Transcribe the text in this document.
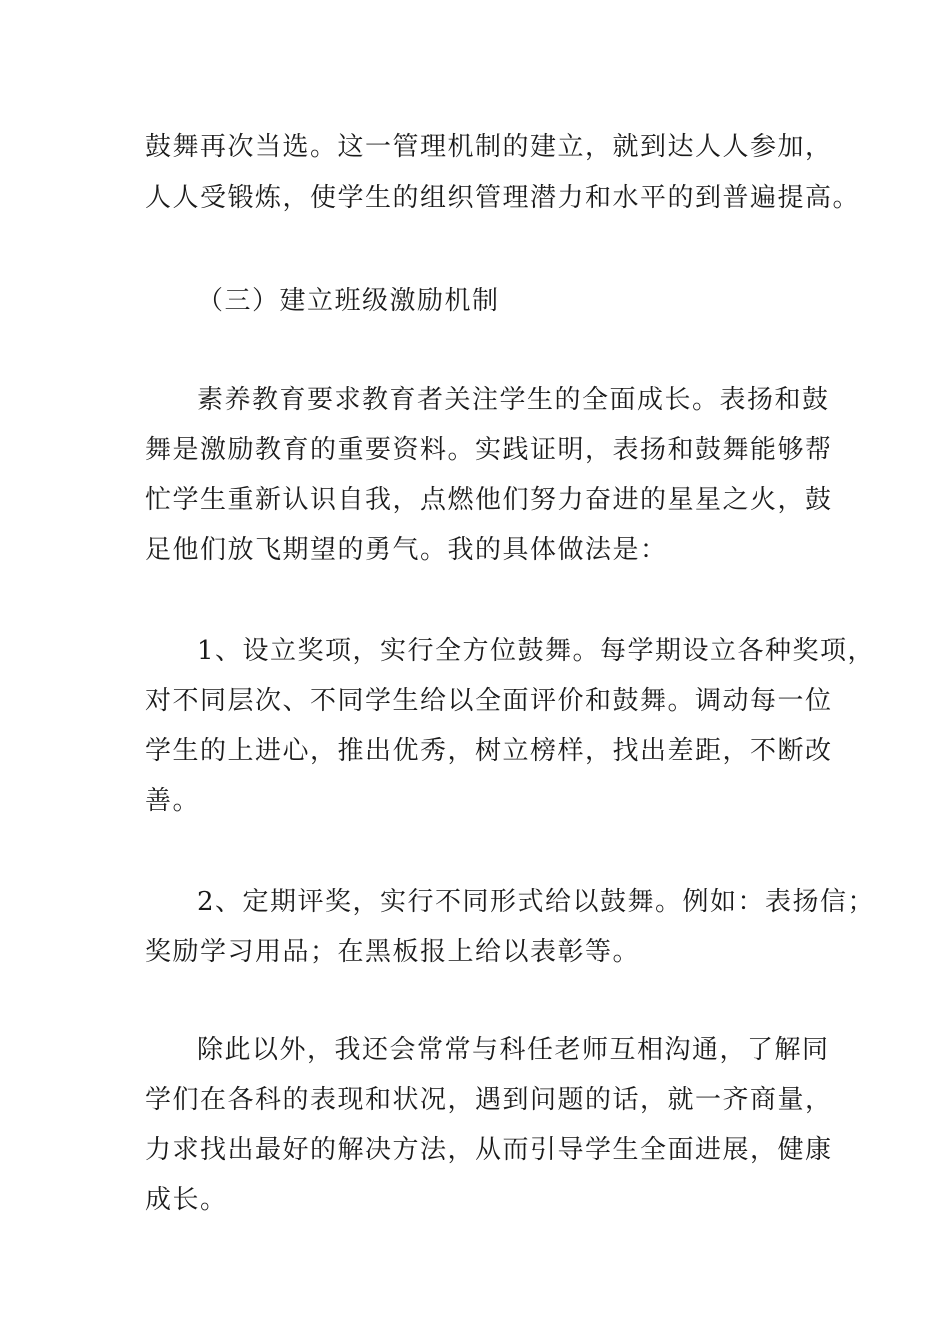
鼓舞再次当选。这一管理机制的建立，就到达人人参加，
人人受锻炼，使学生的组织管理潜力和水平的到普遍提高。
（三）建立班级激励机制
素养教育要求教育者关注学生的全面成长。表扬和鼓
舞是激励教育的重要资料。实践证明，表扬和鼓舞能够帮
忙学生重新认识自我，点燃他们努力奋进的星星之火，鼓
足他们放飞期望的勇气。我的具体做法是：
1、设立奖项，实行全方位鼓舞。每学期设立各种奖项，
对不同层次、不同学生给以全面评价和鼓舞。调动每一位
学生的上进心，推出优秀，树立榜样，找出差距，不断改
善。
2、定期评奖，实行不同形式给以鼓舞。例如：表扬信；
奖励学习用品；在黑板报上给以表彰等。
除此以外，我还会常常与科任老师互相沟通，了解同
学们在各科的表现和状况，遇到问题的话，就一齐商量，
力求找出最好的解决方法，从而引导学生全面进展，健康
成长。
